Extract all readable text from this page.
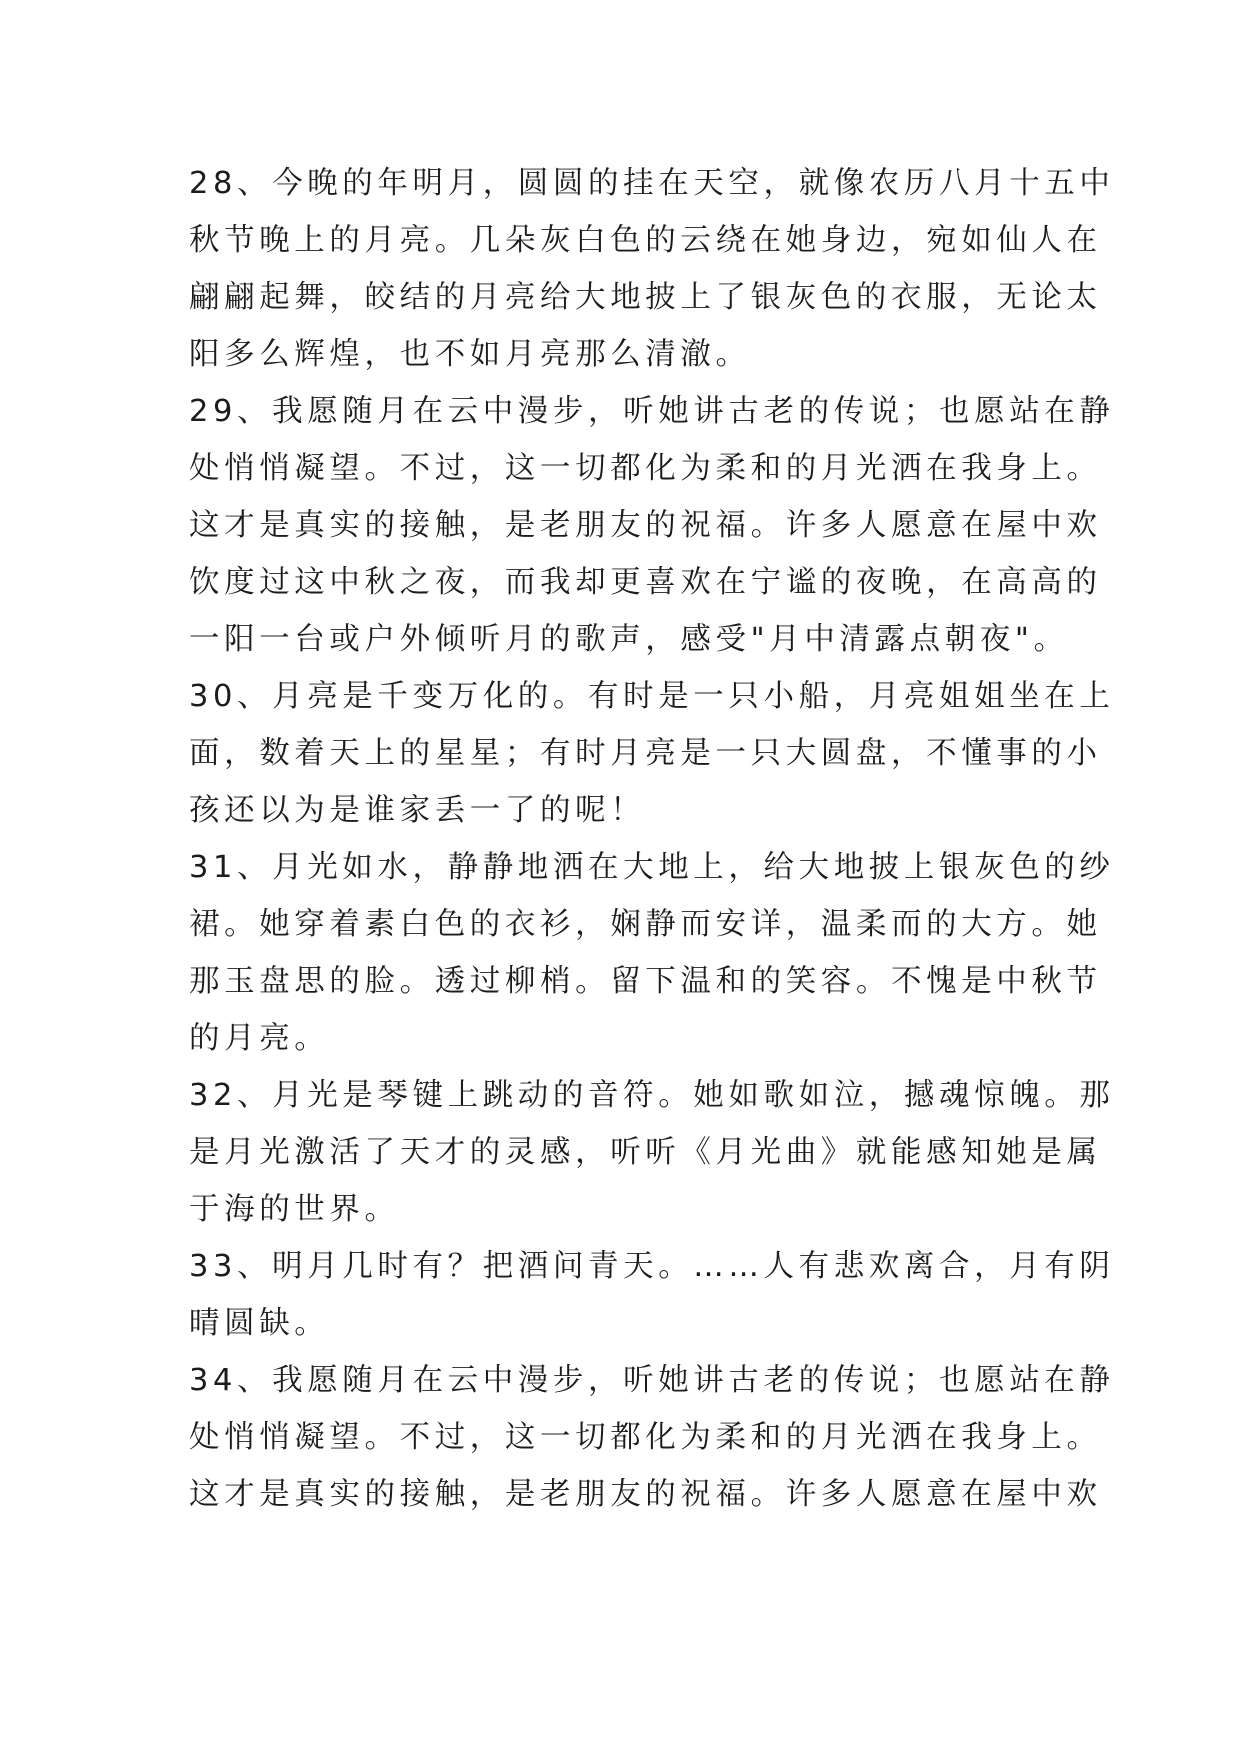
28、今晚的年明月，圆圆的挂在天空，就像农历八月十五中
秋节晚上的月亮。几朵灰白色的云绕在她身边，宛如仙人在
翩翩起舞，皎结的月亮给大地披上了银灰色的衣服，无论太
阳多么辉煌，也不如月亮那么清澈。
29、我愿随月在云中漫步，听她讲古老的传说；也愿站在静
处悄悄凝望。不过，这一切都化为柔和的月光洒在我身上。
这才是真实的接触，是老朋友的祝福。许多人愿意在屋中欢
饮度过这中秋之夜，而我却更喜欢在宁谧的夜晚，在高高的
一阳一台或户外倾听月的歌声，感受"月中清露点朝夜"。
30、月亮是千变万化的。有时是一只小船，月亮姐姐坐在上
面，数着天上的星星；有时月亮是一只大圆盘，不懂事的小
孩还以为是谁家丢一了的呢！
31、月光如水，静静地洒在大地上，给大地披上银灰色的纱
裙。她穿着素白色的衣衫，娴静而安详，温柔而的大方。她
那玉盘思的脸。透过柳梢。留下温和的笑容。不愧是中秋节
的月亮。
32、月光是琴键上跳动的音符。她如歌如泣，撼魂惊魄。那
是月光激活了天才的灵感，听听《月光曲》就能感知她是属
于海的世界。
33、明月几时有？把酒问青天。……人有悲欢离合，月有阴
晴圆缺。
34、我愿随月在云中漫步，听她讲古老的传说；也愿站在静
处悄悄凝望。不过，这一切都化为柔和的月光洒在我身上。
这才是真实的接触，是老朋友的祝福。许多人愿意在屋中欢
